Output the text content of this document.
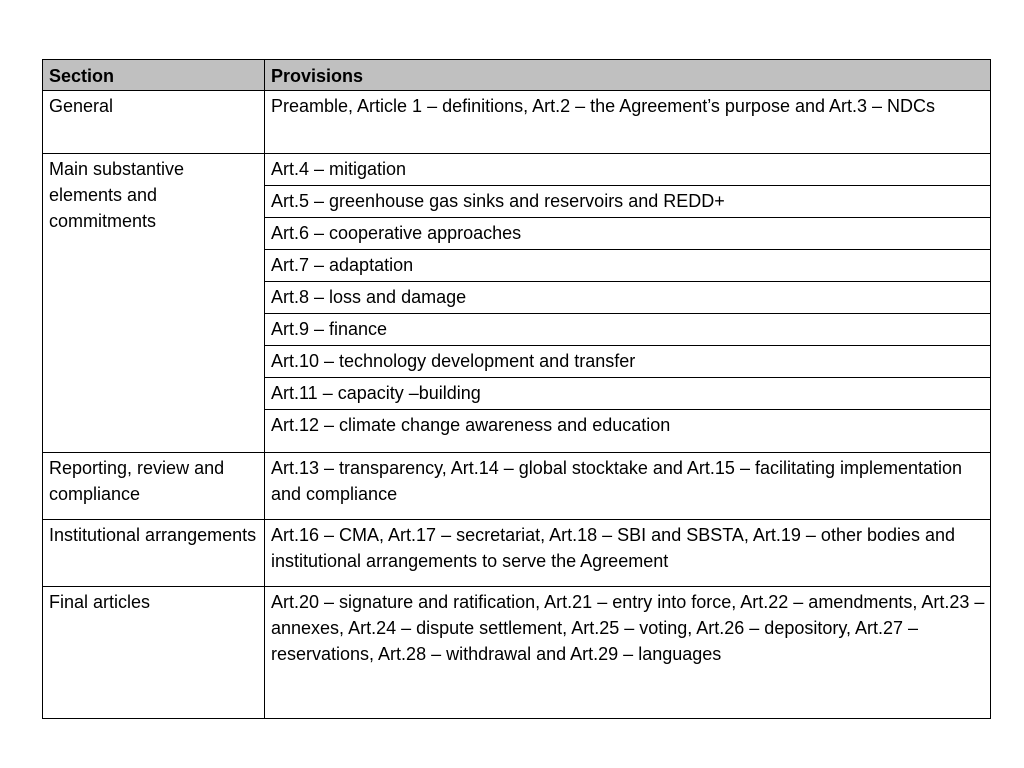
Section	Provisions
General	Preamble, Article 1 – definitions, Art.2 – the Agreement’s purpose and Art.3 – NDCs
Main substantive elements and commitments	Art.4 – mitigation
	Art.5 – greenhouse gas sinks and reservoirs and REDD+
	Art.6 – cooperative approaches
	Art.7 – adaptation
	Art.8 – loss and damage
	Art.9 – finance
	Art.10 – technology development and transfer
	Art.11 – capacity –building
	Art.12 – climate change awareness and education
Reporting, review and compliance	Art.13 – transparency, Art.14 – global stocktake and Art.15 – facilitating implementation and compliance
Institutional arrangements	Art.16 – CMA, Art.17 – secretariat, Art.18 – SBI and SBSTA, Art.19 – other bodies and institutional arrangements to serve the Agreement
Final articles	Art.20 – signature and ratification, Art.21 – entry into force, Art.22 – amendments, Art.23 – annexes, Art.24 – dispute settlement, Art.25 – voting, Art.26 – depository, Art.27 – reservations, Art.28 – withdrawal and Art.29 – languages
